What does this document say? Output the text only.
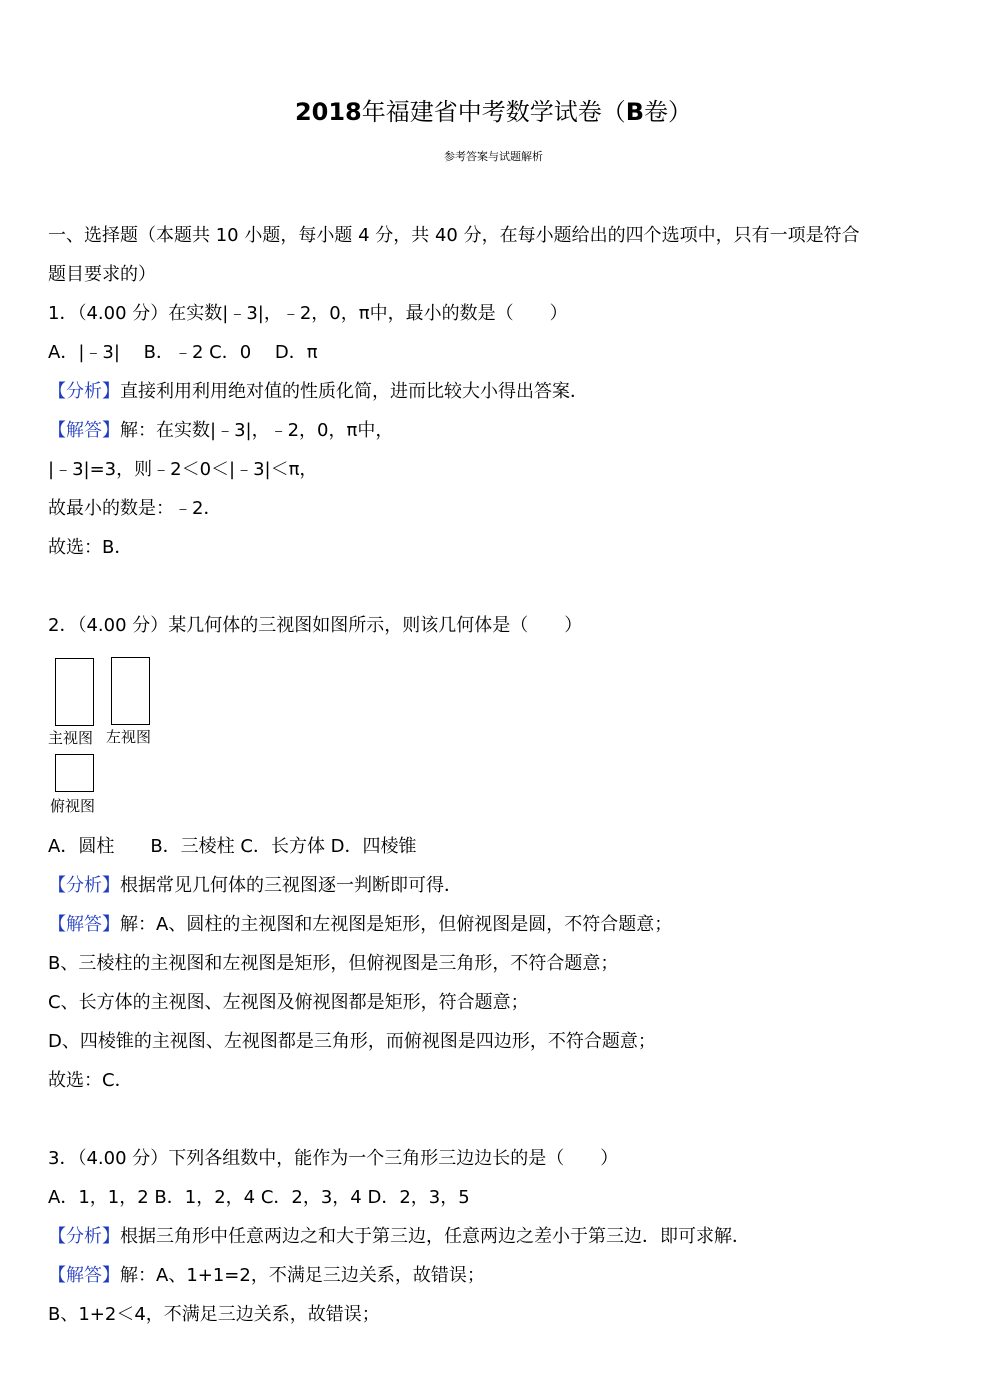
2018年福建省中考数学试卷（B卷）
参考答案与试题解析
一、选择题（本题共 10 小题，每小题 4 分，共 40 分，在每小题给出的四个选项中，只有一项是符合
题目要求的）
1．（4.00 分）在实数|﹣3|，﹣2，0，π中，最小的数是（　　）
A．|﹣3|　 B．﹣2 C．0　 D．π
【分析】直接利用利用绝对值的性质化简，进而比较大小得出答案．
【解答】解：在实数|﹣3|，﹣2，0，π中，
|﹣3|=3，则﹣2＜0＜|﹣3|＜π，
故最小的数是：﹣2．
故选：B．
2．（4.00 分）某几何体的三视图如图所示，则该几何体是（　　）
主视图 左视图
俯视图
A．圆柱　　B．三棱柱 C．长方体 D．四棱锥
【分析】根据常见几何体的三视图逐一判断即可得．
【解答】解：A、圆柱的主视图和左视图是矩形，但俯视图是圆，不符合题意；
B、三棱柱的主视图和左视图是矩形，但俯视图是三角形，不符合题意；
C、长方体的主视图、左视图及俯视图都是矩形，符合题意；
D、四棱锥的主视图、左视图都是三角形，而俯视图是四边形，不符合题意；
故选：C．
3．（4.00 分）下列各组数中，能作为一个三角形三边边长的是（　　）
A．1，1，2 B．1，2，4 C．2，3，4 D．2，3，5
【分析】根据三角形中任意两边之和大于第三边，任意两边之差小于第三边．即可求解．
【解答】解：A、1+1=2，不满足三边关系，故错误；
B、1+2＜4，不满足三边关系，故错误；
